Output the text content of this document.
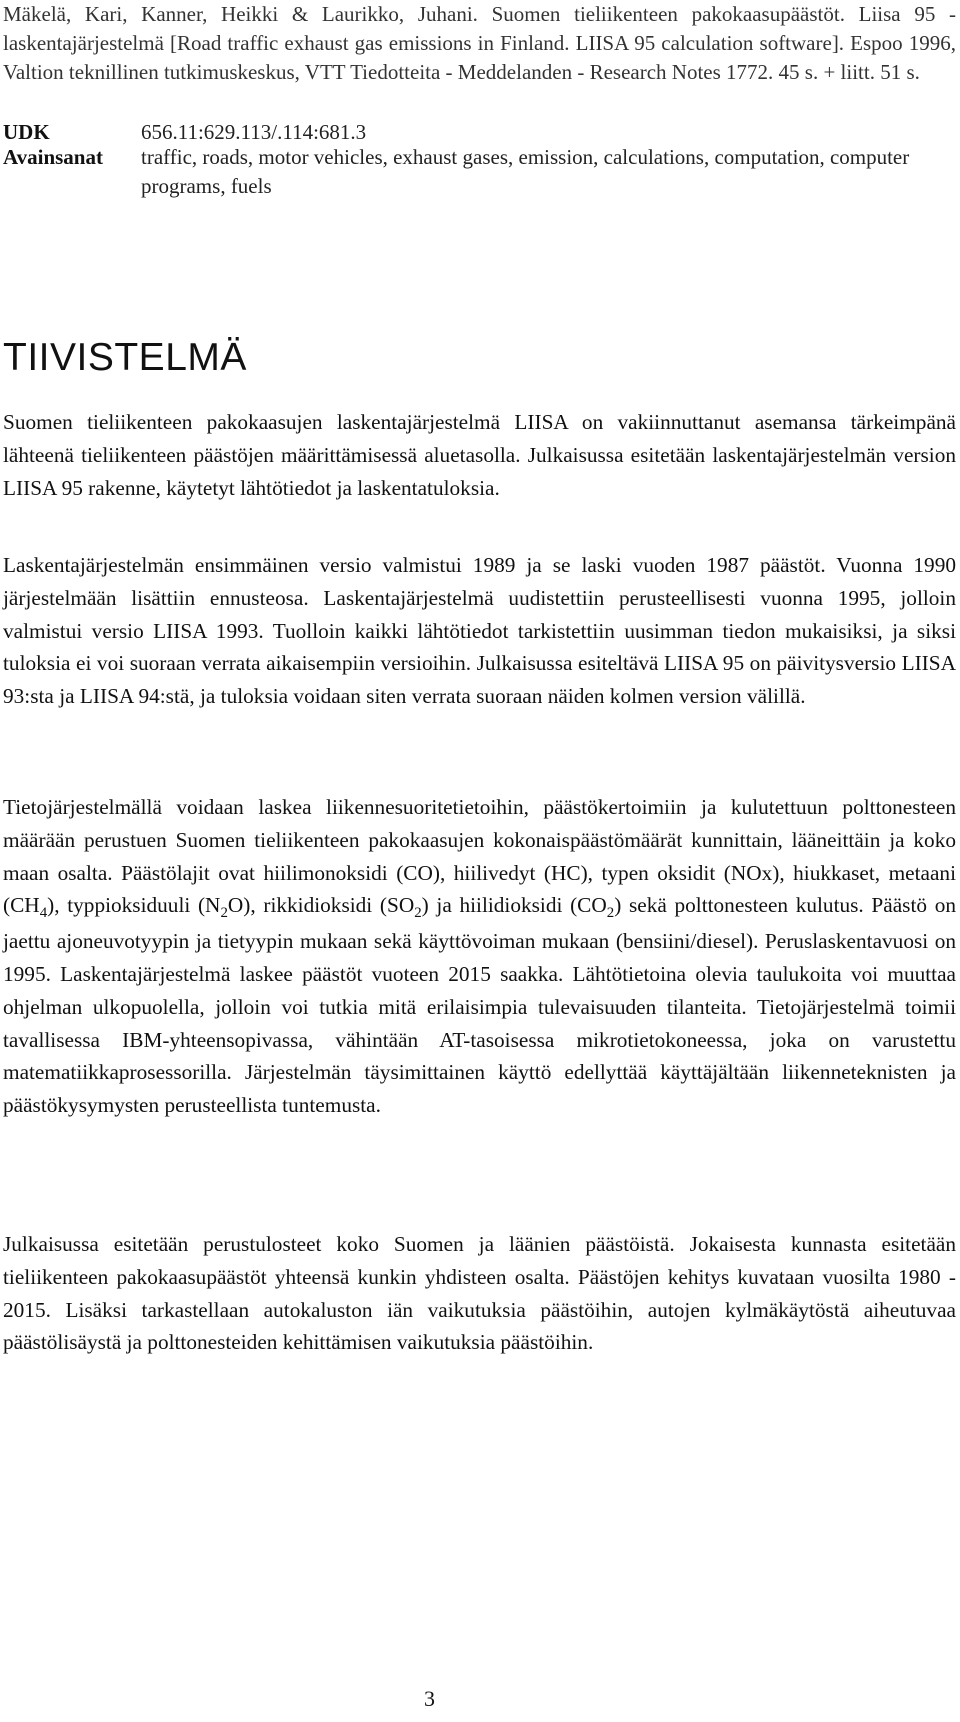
Mäkelä, Kari, Kanner, Heikki & Laurikko, Juhani. Suomen tieliikenteen pakokaasupäästöt. Liisa 95 -laskentajärjestelmä [Road traffic exhaust gas emissions in Finland. LIISA 95 calculation software]. Espoo 1996, Valtion teknillinen tutkimuskeskus, VTT Tiedotteita - Meddelanden - Research Notes 1772. 45 s. + liitt. 51 s.

UDK	656.11:629.113/.114:681.3
Avainsanat traffic, roads, motor vehicles, exhaust gases, emission, calculations, computation, computer programs, fuels
TIIVISTELMÄ

Suomen tieliikenteen pakokaasujen laskentajärjestelmä LIISA on vakiinnuttanut asemansa tärkeimpänä lähteenä tieliikenteen päästöjen määrittämisessä aluetasolla. Julkaisussa esitetään laskentajärjestelmän version LIISA 95 rakenne, käytetyt lähtötiedot ja laskentatuloksia.

Laskentajärjestelmän ensimmäinen versio valmistui 1989 ja se laski vuoden 1987 päästöt. Vuonna 1990 järjestelmään lisättiin ennusteosa. Laskentajärjestelmä uudistettiin perusteellisesti vuonna 1995, jolloin valmistui versio LIISA 1993. Tuolloin kaikki lähtötiedot tarkistettiin uusimman tiedon mukaisiksi, ja siksi tuloksia ei voi suoraan verrata aikaisempiin versioihin. Julkaisussa esiteltävä LIISA 95 on päivitysversio LIISA 93:sta ja LIISA 94:stä, ja tuloksia voidaan siten verrata suoraan näiden kolmen version välillä.

Tietojärjestelmällä voidaan laskea liikennesuoritetietoihin, päästökertoimiin ja kulutettuun polttonesteen määrään perustuen Suomen tieliikenteen pakokaasujen kokonaispäästömäärät kunnittain, lääneittäin ja koko maan osalta. Päästölajit ovat hiilimonoksidi (CO), hiilivedyt (HC), typen oksidit (NOx), hiukkaset, metaani $(CH_4)$, typpioksiduuli $(N_2O)$, rikkidioksidi $(SO_2)$ ja hiilidioksidi $(CO_2)$ sekä polttonesteen kulutus. Päästö on jaettu ajoneuvotyypin ja tietyypin mukaan sekä käyttövoiman mukaan (bensiini/diesel). Peruslaskentavuosi on 1995. Laskentajärjestelmä laskee päästöt vuoteen 2015 saakka. Lähtötietoina olevia taulukoita voi muuttaa ohjelman ulkopuolella, jolloin voi tutkia mitä erilaisimpia tulevaisuuden tilanteita. Tietojärjestelmä toimii tavallisessa IBM-yhteensopivassa, vähintään AT-tasoisessa mikrotietokoneessa, joka on varustettu matematiikkaprosessorilla. Järjestelmän täysimittainen käyttö edellyttää käyttäjältään liikenneteknisten ja päästökysymysten perusteellista tuntemusta.

Julkaisussa esitetään perustulosteet koko Suomen ja läänien päästöistä. Jokaisesta kunnasta esitetään tieliikenteen pakokaasupäästöt yhteensä kunkin yhdisteen osalta. Päästöjen kehitys kuvataan vuosilta 1980 - 2015. Lisäksi tarkastellaan autokaluston iän vaikutuksia päästöihin, autojen kylmäkäytöstä aiheutuvaa päästölisäystä ja polttonesteiden kehittämisen vaikutuksia päästöihin.

3
